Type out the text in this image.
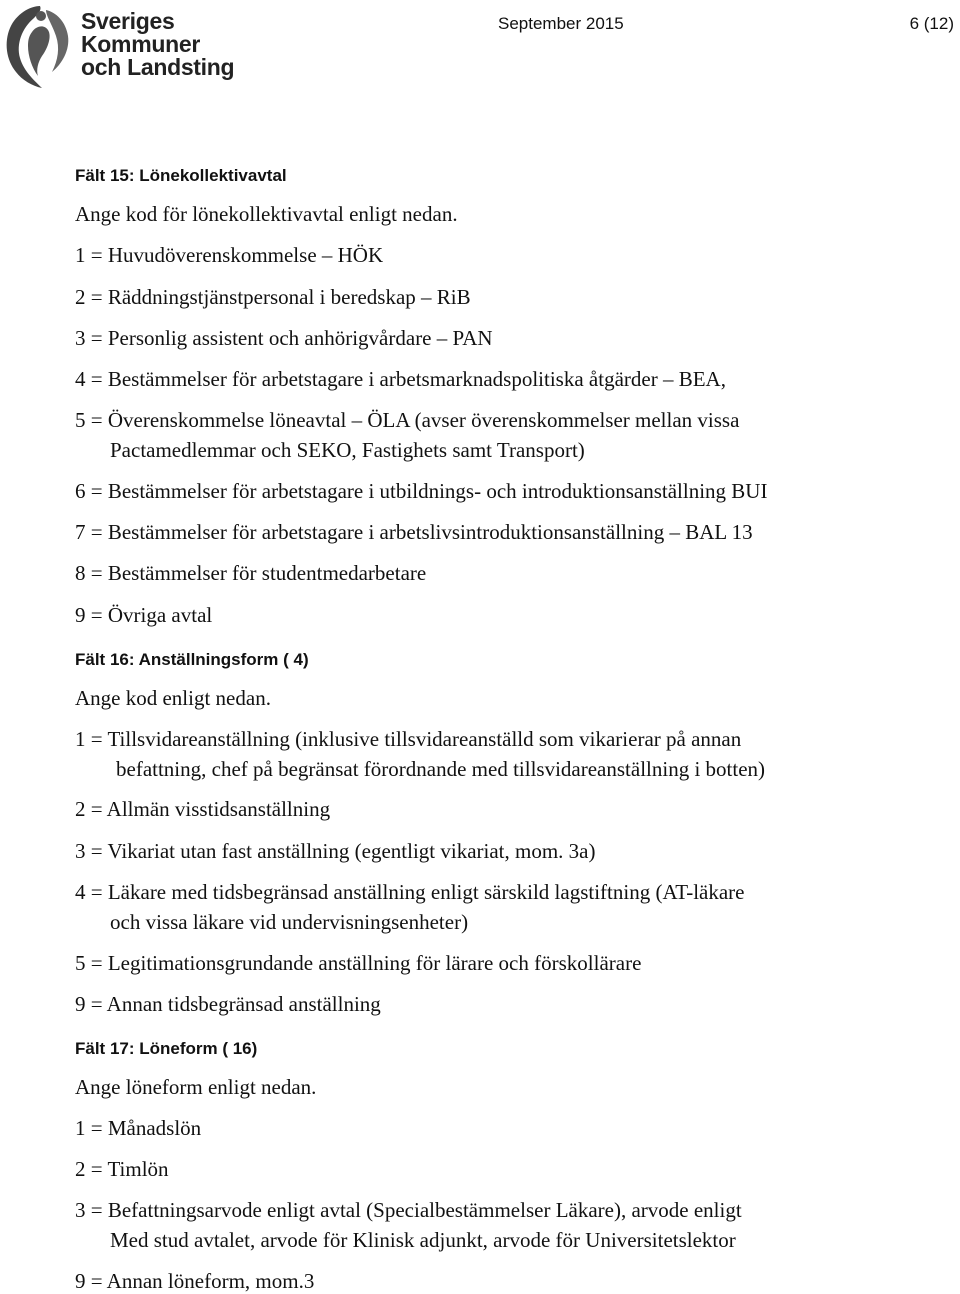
Sveriges
Kommuner
och Landsting
September 2015	6 (12)
Fält 15: Lönekollektivavtal
Ange kod för lönekollektivavtal enligt nedan.
1 = Huvudöverenskommelse – HÖK
2 = Räddningstjänstpersonal i beredskap – RiB
3 = Personlig assistent och anhörigvårdare – PAN
4 = Bestämmelser för arbetstagare i arbetsmarknadspolitiska åtgärder – BEA,
5 = Överenskommelse löneavtal – ÖLA (avser överenskommelser mellan vissa
Pactamedlemmar och SEKO, Fastighets samt Transport)
6 = Bestämmelser för arbetstagare i utbildnings- och introduktionsanställning BUI
7 = Bestämmelser för arbetstagare i arbetslivsintroduktionsanställning – BAL 13
8 = Bestämmelser för studentmedarbetare
9 = Övriga avtal
Fält 16: Anställningsform ( 4)
Ange kod enligt nedan.
1 = Tillsvidareanställning (inklusive tillsvidareanställd som vikarierar på annan
befattning, chef på begränsat förordnande med tillsvidareanställning i botten)
2 = Allmän visstidsanställning
3 = Vikariat utan fast anställning (egentligt vikariat, mom. 3a)
4 = Läkare med tidsbegränsad anställning enligt särskild lagstiftning (AT-läkare
och vissa läkare vid undervisningsenheter)
5 = Legitimationsgrundande anställning för lärare och förskollärare
9 = Annan tidsbegränsad anställning
Fält 17: Löneform ( 16)
Ange löneform enligt nedan.
1 = Månadslön
2 = Timlön
3 = Befattningsarvode enligt avtal (Specialbestämmelser Läkare), arvode enligt
Med stud avtalet, arvode för Klinisk adjunkt, arvode för Universitetslektor
9 = Annan löneform, mom.3
